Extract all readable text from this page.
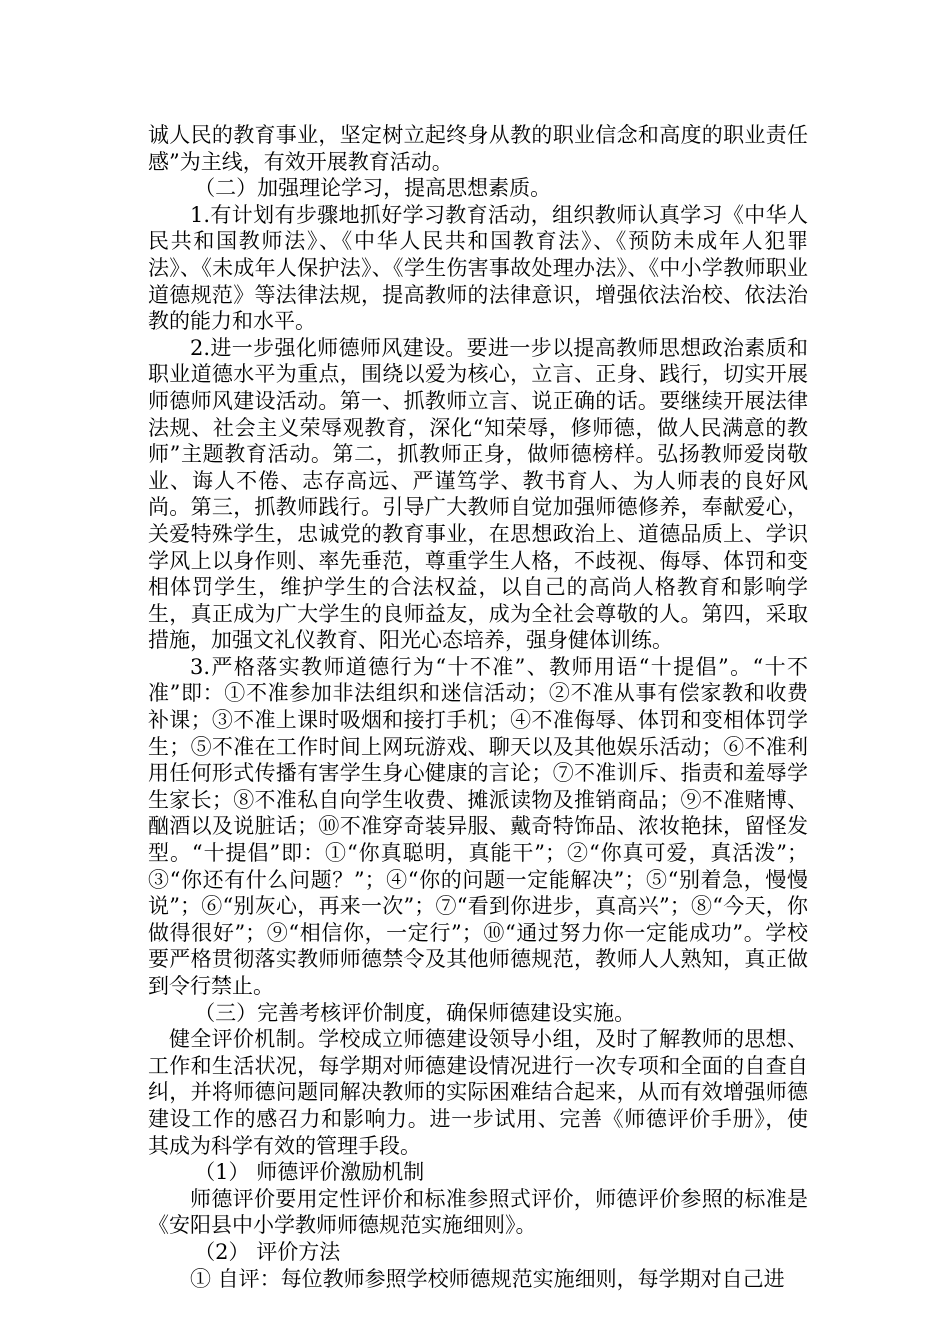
诚人民的教育事业，坚定树立起终身从教的职业信念和高度的职业责任感”为主线，有效开展教育活动。

（二）加强理论学习，提高思想素质。

1.有计划有步骤地抓好学习教育活动，组织教师认真学习《中华人民共和国教师法》、《中华人民共和国教育法》、《预防未成年人犯罪法》、《未成年人保护法》、《学生伤害事故处理办法》、《中小学教师职业道德规范》等法律法规，提高教师的法律意识，增强依法治校、依法治教的能力和水平。

2.进一步强化师德师风建设。要进一步以提高教师思想政治素质和职业道德水平为重点，围绕以爱为核心，立言、正身、践行，切实开展师德师风建设活动。第一、抓教师立言、说正确的话。要继续开展法律法规、社会主义荣辱观教育，深化“知荣辱，修师德，做人民满意的教师”主题教育活动。第二，抓教师正身，做师德榜样。弘扬教师爱岗敬业、诲人不倦、志存高远、严谨笃学、教书育人、为人师表的良好风尚。第三，抓教师践行。引导广大教师自觉加强师德修养，奉献爱心，关爱特殊学生，忠诚党的教育事业，在思想政治上、道德品质上、学识学风上以身作则、率先垂范，尊重学生人格，不歧视、侮辱、体罚和变相体罚学生，维护学生的合法权益，以自己的高尚人格教育和影响学生，真正成为广大学生的良师益友，成为全社会尊敬的人。第四，采取措施，加强文礼仪教育、阳光心态培养，强身健体训练。

3.严格落实教师道德行为“十不准”、教师用语“十提倡”。“十不准”即：①不准参加非法组织和迷信活动；②不准从事有偿家教和收费补课；③不准上课时吸烟和接打手机；④不准侮辱、体罚和变相体罚学生；⑤不准在工作时间上网玩游戏、聊天以及其他娱乐活动；⑥不准利用任何形式传播有害学生身心健康的言论；⑦不准训斥、指责和羞辱学生家长；⑧不准私自向学生收费、摊派读物及推销商品；⑨不准赌博、酗酒以及说脏话；⑩不准穿奇装异服、戴奇特饰品、浓妆艳抹，留怪发型。“十提倡”即：①“你真聪明，真能干”；②“你真可爱，真活泼”；③“你还有什么问题？”；④“你的问题一定能解决”；⑤“别着急，慢慢说”；⑥“别灰心，再来一次”；⑦“看到你进步，真高兴”；⑧“今天，你做得很好”；⑨“相信你，一定行”；⑩“通过努力你一定能成功”。学校要严格贯彻落实教师师德禁令及其他师德规范，教师人人熟知，真正做到令行禁止。

（三）完善考核评价制度，确保师德建设实施。

健全评价机制。学校成立师德建设领导小组，及时了解教师的思想、工作和生活状况，每学期对师德建设情况进行一次专项和全面的自查自纠，并将师德问题同解决教师的实际困难结合起来，从而有效增强师德建设工作的感召力和影响力。进一步试用、完善《师德评价手册》，使其成为科学有效的管理手段。

（1） 师德评价激励机制

师德评价要用定性评价和标准参照式评价，师德评价参照的标准是《安阳县中小学教师师德规范实施细则》。

（2） 评价方法

① 自评：每位教师参照学校师德规范实施细则，每学期对自己进
